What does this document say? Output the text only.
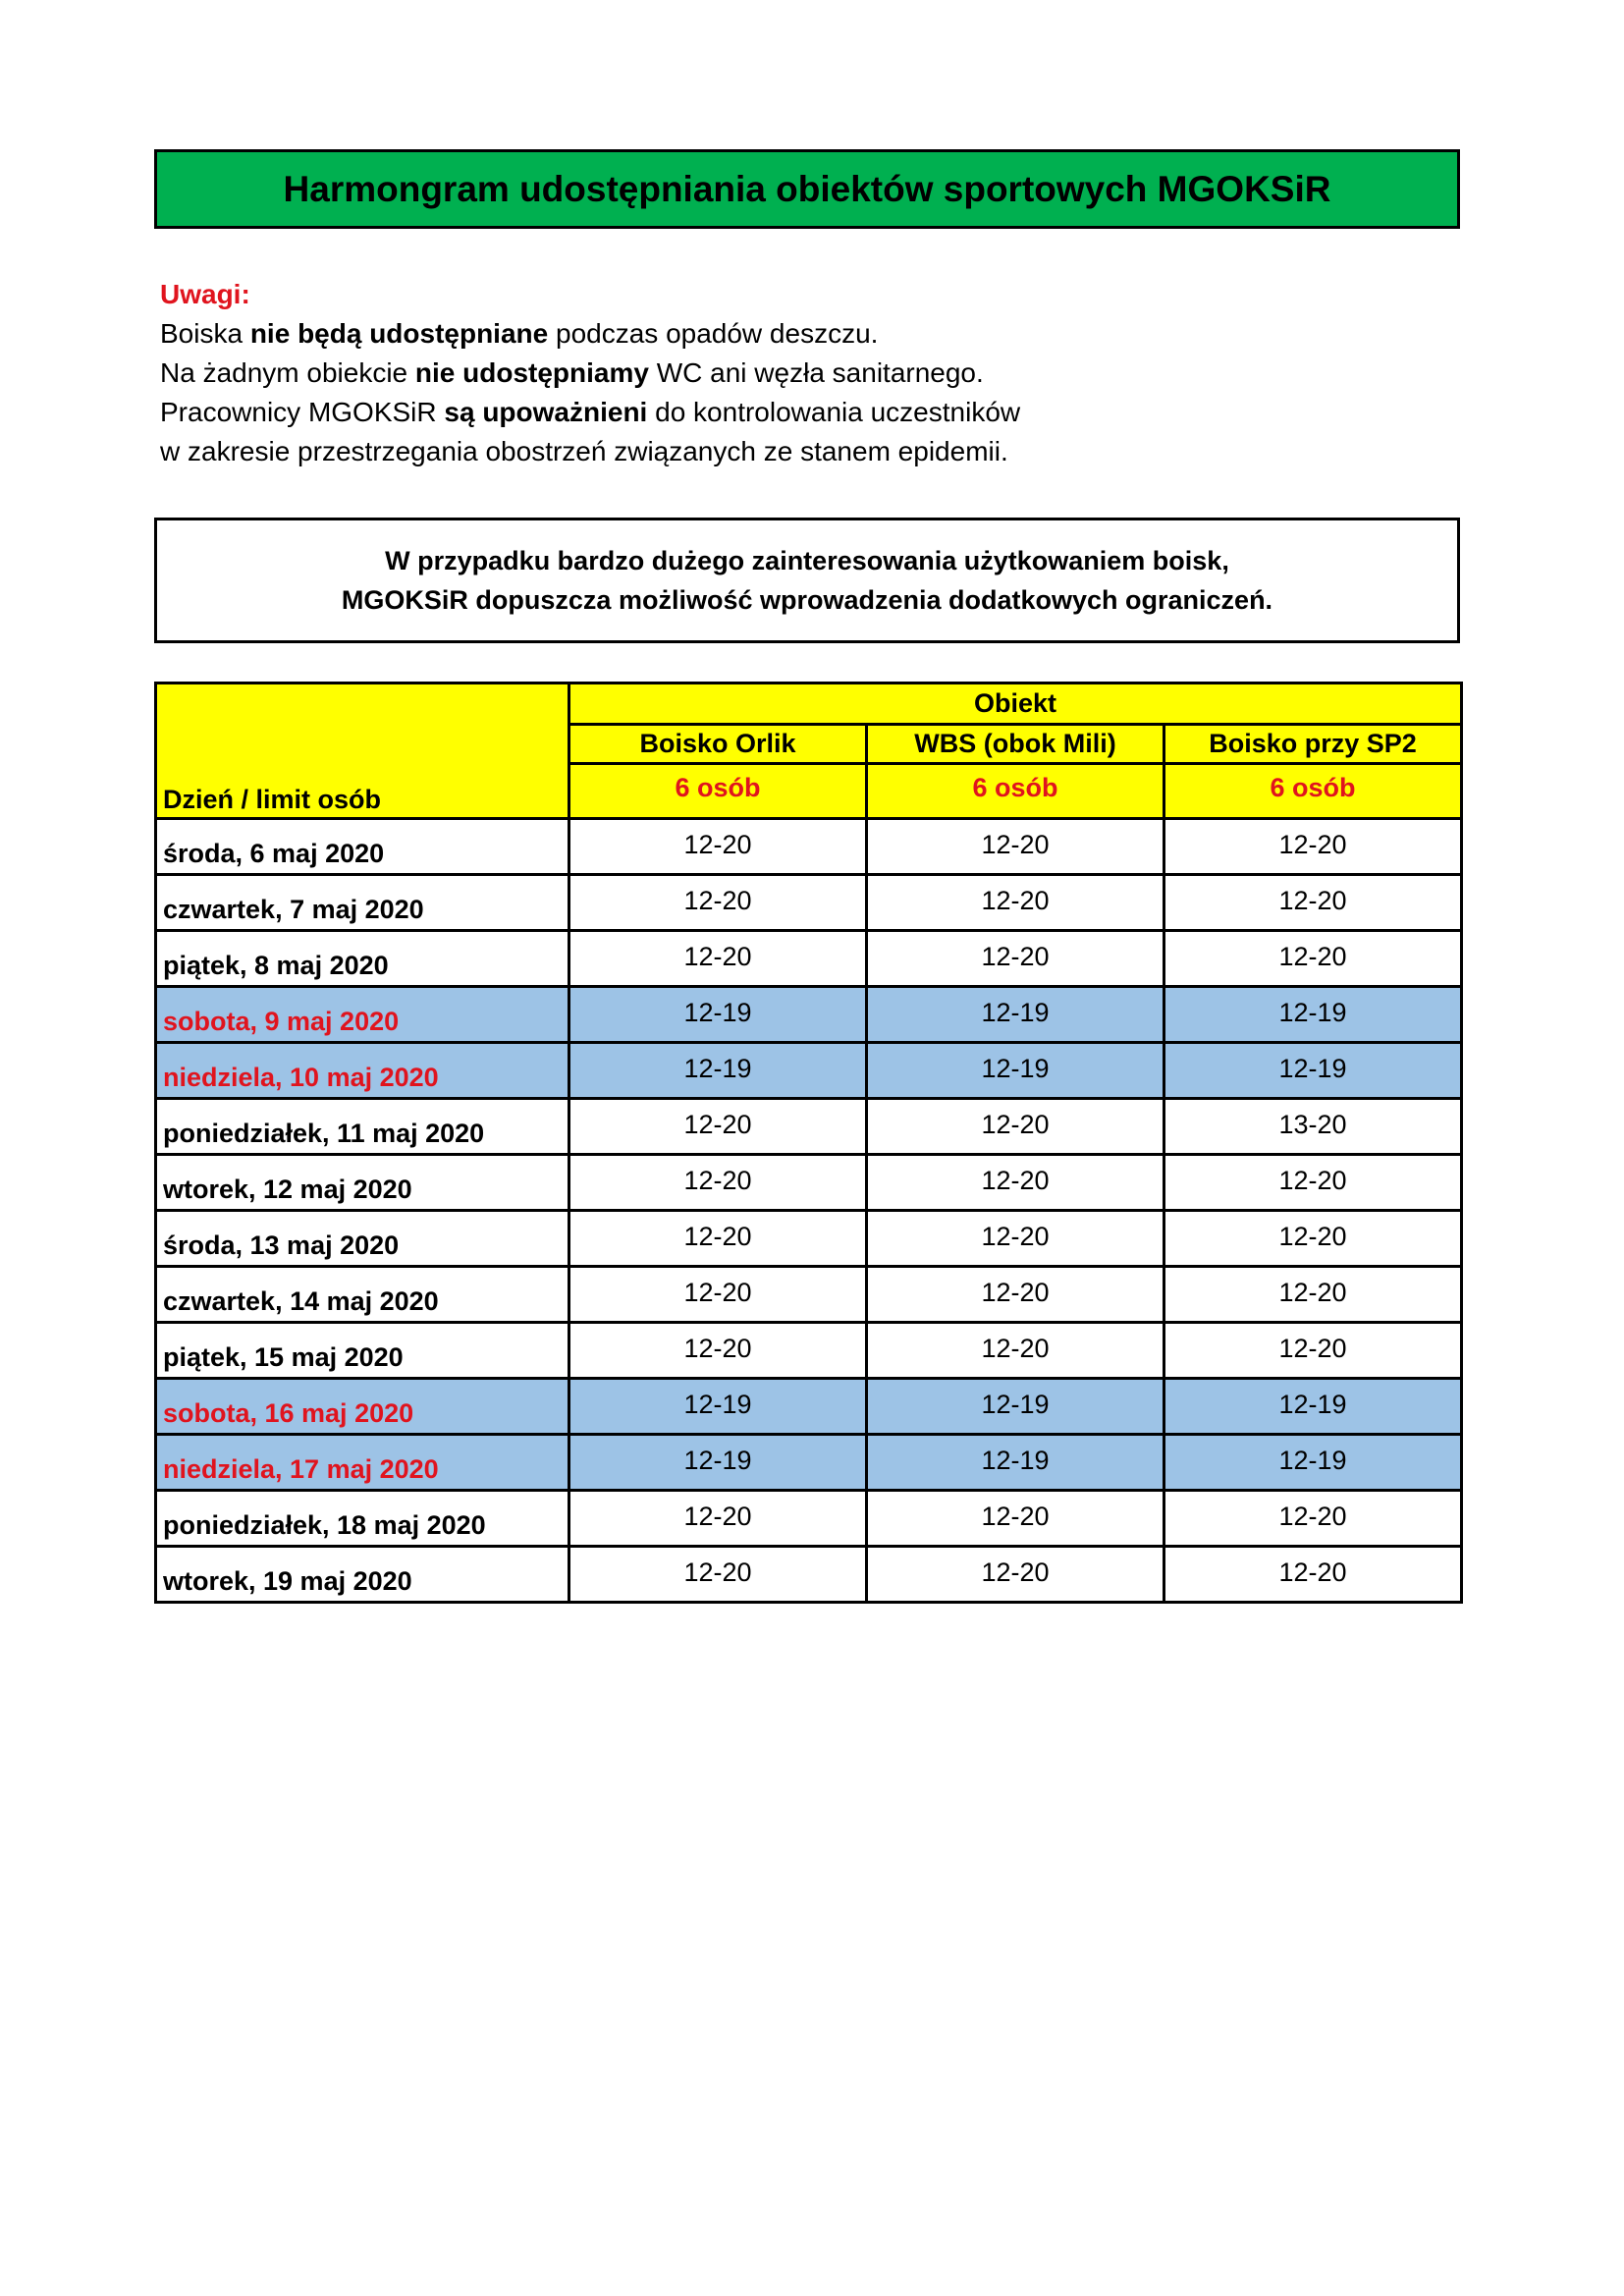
Harmongram udostępniania obiektów sportowych MGOKSiR
Uwagi:
Boiska nie będą udostępniane podczas opadów deszczu.
Na żadnym obiekcie nie udostępniamy WC ani węzła sanitarnego.
Pracownicy MGOKSiR są upoważnieni do kontrolowania uczestników
w zakresie przestrzegania obostrzeń związanych ze stanem epidemii.
W przypadku bardzo dużego zainteresowania użytkowaniem boisk,
MGOKSiR dopuszcza możliwość wprowadzenia dodatkowych ograniczeń.
	Obiekt		
	Boisko Orlik	WBS (obok Mili)	Boisko przy SP2
Dzień / limit osób	6 osób	6 osób	6 osób
środa, 6 maj 2020	12-20	12-20	12-20
czwartek, 7 maj 2020	12-20	12-20	12-20
piątek, 8 maj 2020	12-20	12-20	12-20
sobota, 9 maj 2020	12-19	12-19	12-19
niedziela, 10 maj 2020	12-19	12-19	12-19
poniedziałek, 11 maj 2020	12-20	12-20	13-20
wtorek, 12 maj 2020	12-20	12-20	12-20
środa, 13 maj 2020	12-20	12-20	12-20
czwartek, 14 maj 2020	12-20	12-20	12-20
piątek, 15 maj 2020	12-20	12-20	12-20
sobota, 16 maj 2020	12-19	12-19	12-19
niedziela, 17 maj 2020	12-19	12-19	12-19
poniedziałek, 18 maj 2020	12-20	12-20	12-20
wtorek, 19 maj 2020	12-20	12-20	12-20
